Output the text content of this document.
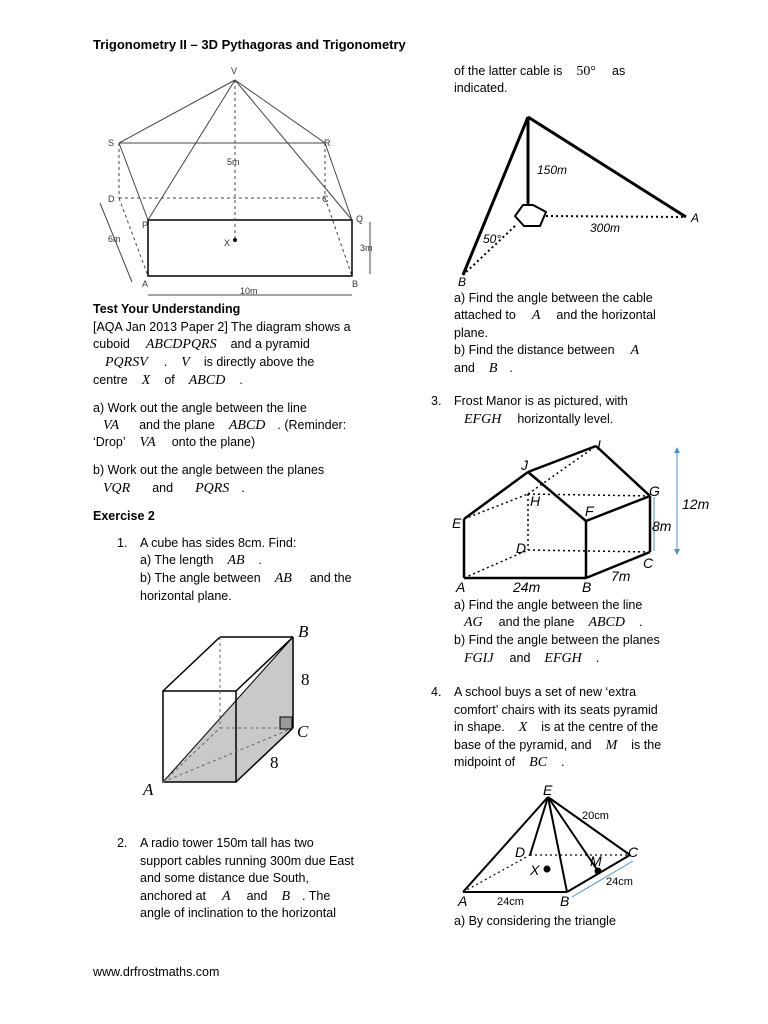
Trigonometry II – 3D Pythagoras and Trigonometry
V
S	R
D	C
P
Q
A	B
X
5m
6m
3m
10m
Test Your Understanding
[AQA Jan 2013 Paper 2] The diagram shows a
cuboid ABCDPQRS and a pyramid
PQRSV . V is directly above the
centre X of ABCD .
a) Work out the angle between the line
VA and the plane ABCD . (Reminder:
‘Drop’ VA onto the plane)
b) Work out the angle between the planes
VQR and PQRS .
Exercise 2
1. A cube has sides 8cm. Find:
a) The length AB .
b) The angle between AB and the
horizontal plane.
B
C
A
8
8
2. A radio tower 150m tall has two
support cables running 300m due East
and some distance due South,
anchored at A and B . The
angle of inclination to the horizontal
of the latter cable is 50° as
indicated.
150m
300m
50°
A
B
a) Find the angle between the cable
attached to A and the horizontal
plane.
b) Find the distance between A
and B .
3. Frost Manor is as pictured, with
EFGH horizontally level.
I
J
H
G
F
E
D
C
A	B
12m
8m
24m
7m
a) Find the angle between the line
AG and the plane ABCD .
b) Find the angle between the planes
FGIJ and EFGH .
4. A school buys a set of new ‘extra
comfort’ chairs with its seats pyramid
in shape. X is at the centre of the
base of the pyramid, and M is the
midpoint of BC .
E
D	C
X
M
A	B
20cm
24cm
24cm
a) By considering the triangle
www.drfrostmaths.com
